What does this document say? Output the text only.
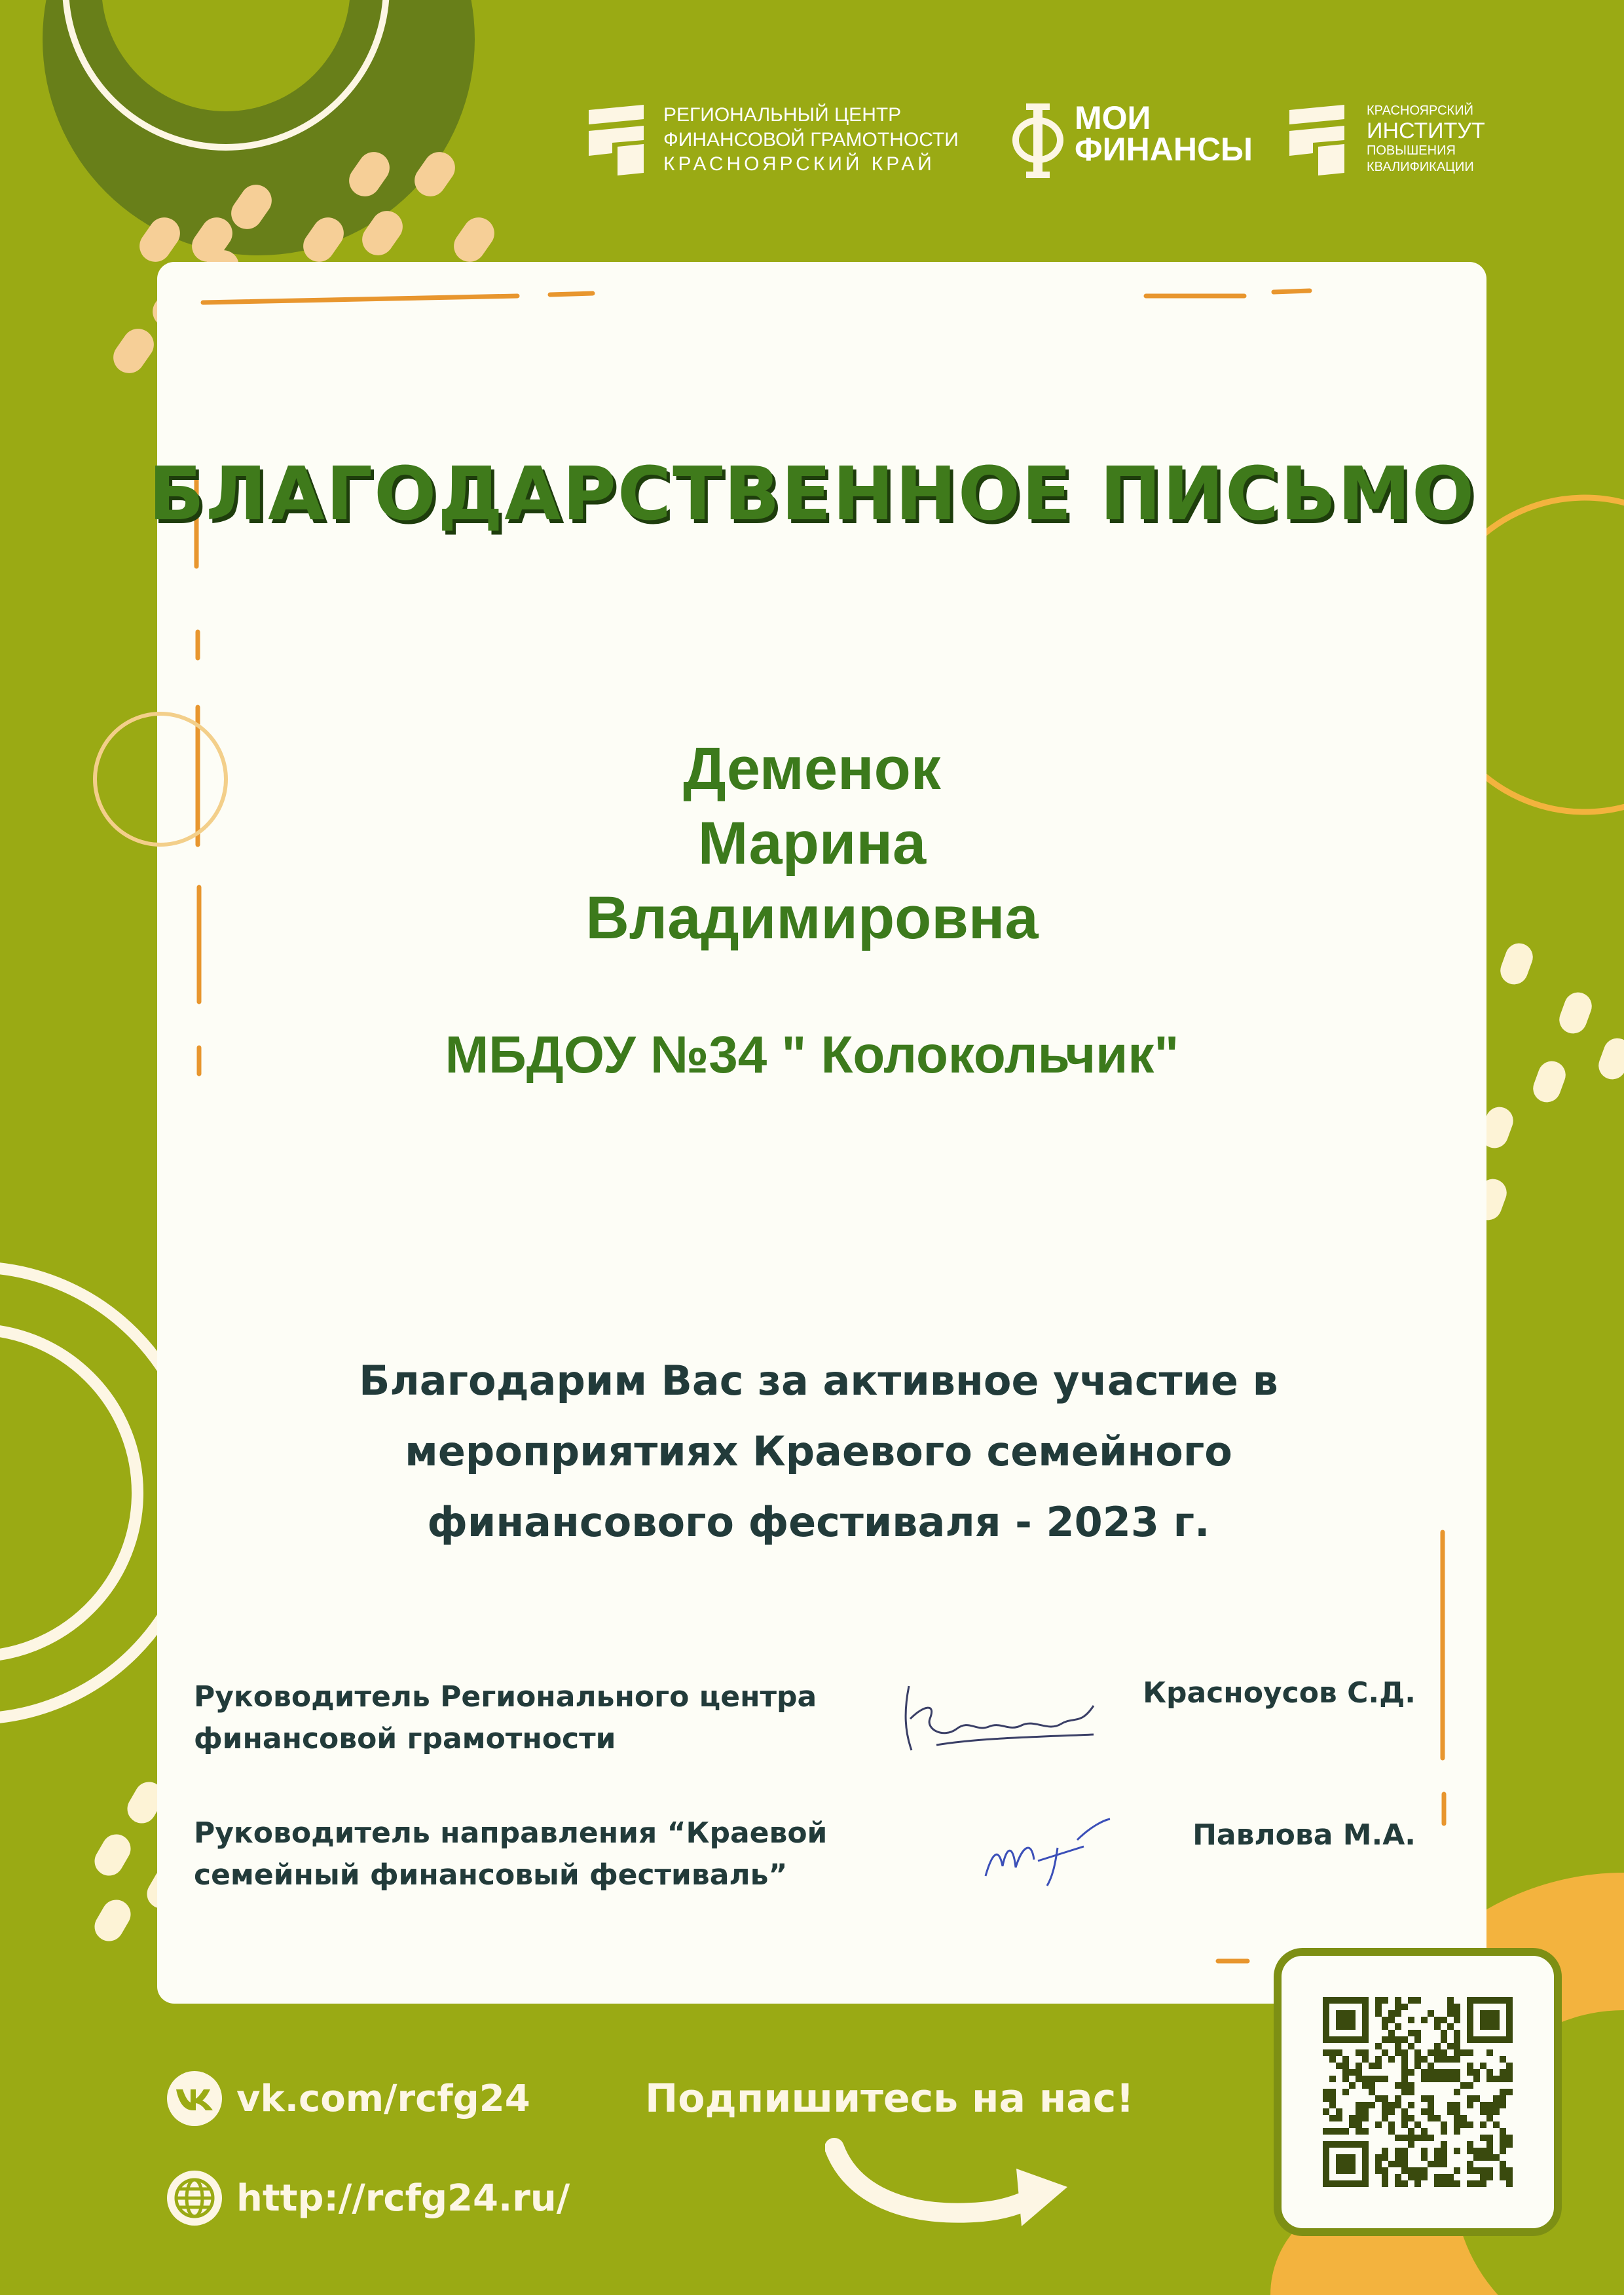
РЕГИОНАЛЬНЫЙ ЦЕНТР
ФИНАНСОВОЙ ГРАМОТНОСТИ
КРАСНОЯРСКИЙ КРАЙ
МОИ
ФИНАНСЫ
КРАСНОЯРСКИЙ
ИНСТИТУТ
ПОВЫШЕНИЯ
КВАЛИФИКАЦИИ
БЛАГОДАРСТВЕННОЕ ПИСЬМО
Деменок
Марина
Владимировна
МБДОУ №34 " Колокольчик"
Благодарим Вас за активное участие в
мероприятиях Краевого семейного
финансового фестиваля - 2023 г.
Руководитель Регионального центра
финансовой грамотности
Красноусов С.Д.
Руководитель направления “Краевой
семейный финансовый фестиваль”
Павлова М.А.
vk.com/rcfg24
http://rcfg24.ru/
Подпишитесь на нас!
